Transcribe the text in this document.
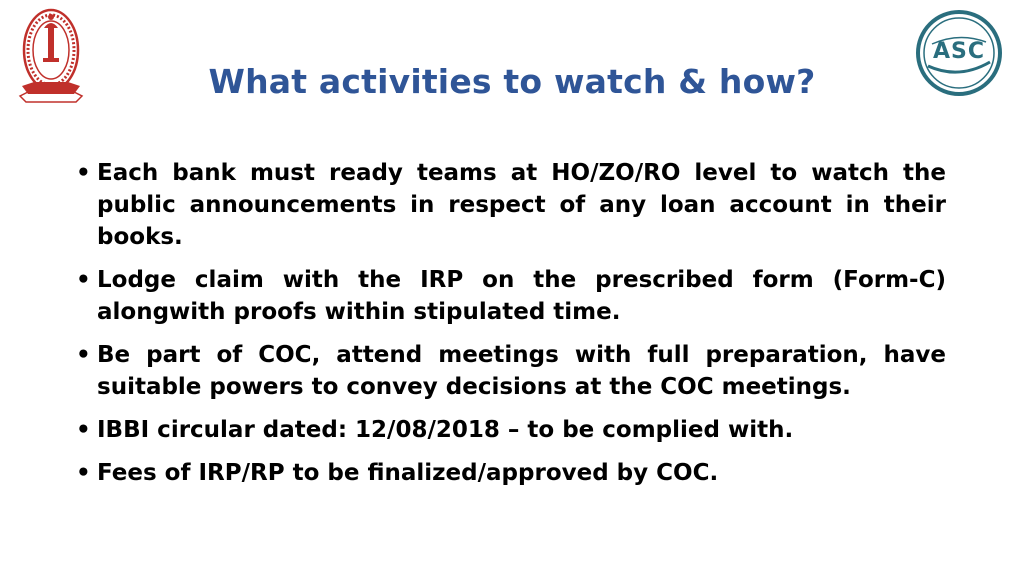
ASC
What activities to watch & how?
• Each bank must ready teams at HO/ZO/RO level to watch the public announcements in respect of any loan account in their books.
• Lodge claim with the IRP on the prescribed form (Form-C) alongwith proofs within stipulated time.
• Be part of COC, attend meetings with full preparation, have suitable powers to convey decisions at the COC meetings.
• IBBI circular dated: 12/08/2018 – to be complied with.
• Fees of IRP/RP to be finalized/approved by COC.
